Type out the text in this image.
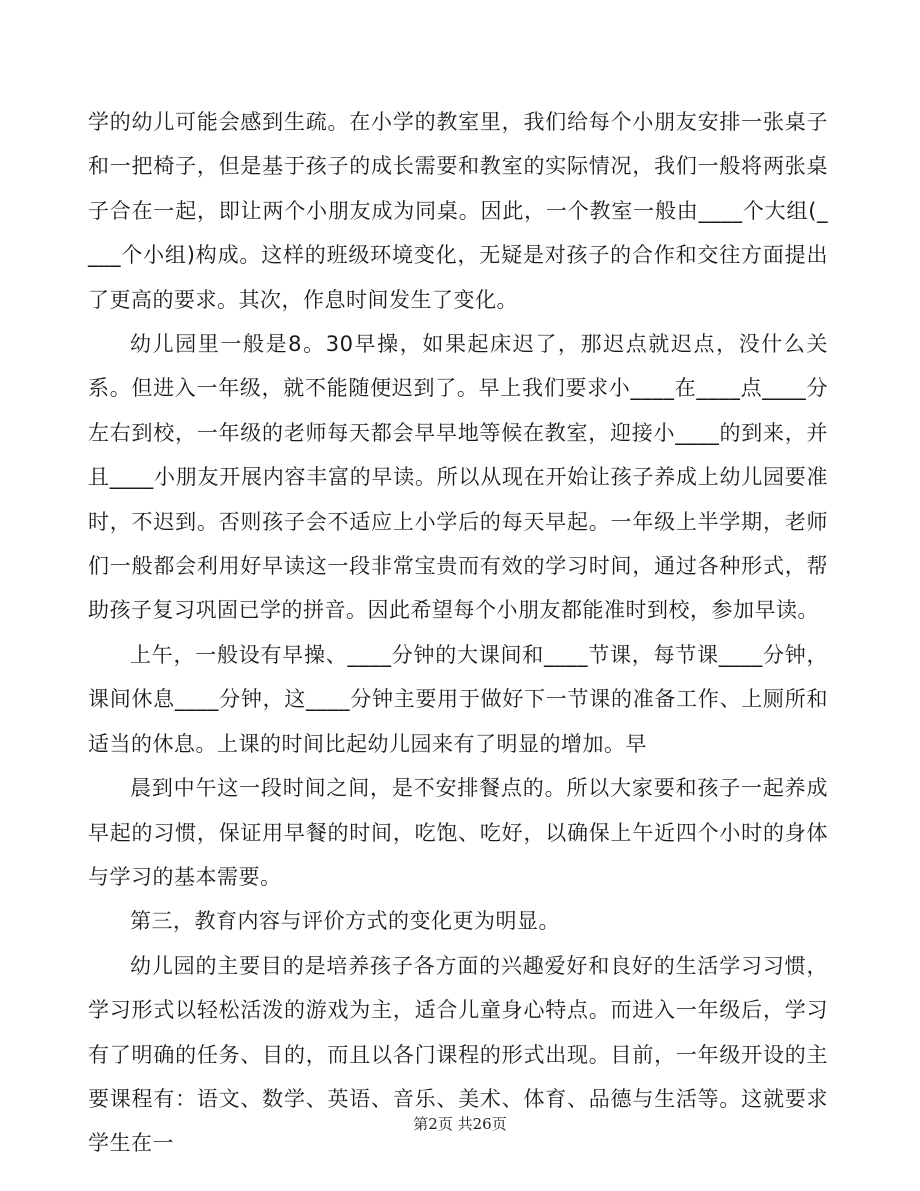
学的幼儿可能会感到生疏。在小学的教室里，我们给每个小朋友安排一张桌子和一把椅子，但是基于孩子的成长需要和教室的实际情况，我们一般将两张桌子合在一起，即让两个小朋友成为同桌。因此，一个教室一般由____个大组(____个小组)构成。这样的班级环境变化，无疑是对孩子的合作和交往方面提出了更高的要求。其次，作息时间发生了变化。

幼儿园里一般是8。30早操，如果起床迟了，那迟点就迟点，没什么关系。但进入一年级，就不能随便迟到了。早上我们要求小____在____点____分左右到校，一年级的老师每天都会早早地等候在教室，迎接小____的到来，并且____小朋友开展内容丰富的早读。所以从现在开始让孩子养成上幼儿园要准时，不迟到。否则孩子会不适应上小学后的每天早起。一年级上半学期，老师们一般都会利用好早读这一段非常宝贵而有效的学习时间，通过各种形式，帮助孩子复习巩固已学的拼音。因此希望每个小朋友都能准时到校，参加早读。

上午，一般设有早操、____分钟的大课间和____节课，每节课____分钟，课间休息____分钟，这____分钟主要用于做好下一节课的准备工作、上厕所和适当的休息。上课的时间比起幼儿园来有了明显的增加。早

晨到中午这一段时间之间，是不安排餐点的。所以大家要和孩子一起养成早起的习惯，保证用早餐的时间，吃饱、吃好，以确保上午近四个小时的身体与学习的基本需要。

第三，教育内容与评价方式的变化更为明显。

幼儿园的主要目的是培养孩子各方面的兴趣爱好和良好的生活学习习惯，学习形式以轻松活泼的游戏为主，适合儿童身心特点。而进入一年级后，学习有了明确的任务、目的，而且以各门课程的形式出现。目前，一年级开设的主要课程有：语文、数学、英语、音乐、美术、体育、品德与生活等。这就要求学生在一

第2页 共26页
